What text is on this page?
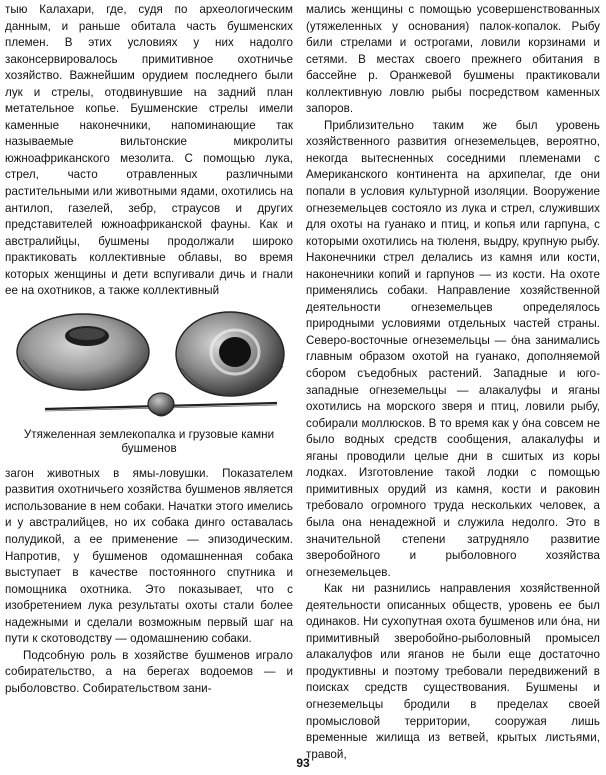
тыю Калахари, где, судя по археологическим данным, и раньше обитала часть бушменских племен. В этих условиях у них надолго законсервировалось примитивное охотничье хозяйство. Важнейшим орудием последнего были лук и стрелы, отодвинувшие на задний план метательное копье. Бушменские стрелы имели каменные наконечники, напоминающие так называемые вильтонские микролиты южноафриканского мезолита. С помощью лука, стрел, часто отравленных различными растительными или животными ядами, охотились на антилоп, газелей, зебр, страусов и других представителей южноафриканской фауны. Как и австралийцы, бушмены продолжали широко практиковать коллективные облавы, во время которых женщины и дети вспугивали дичь и гнали ее на охотников, а также коллективный

Утяжеленная землекопалка и грузовые камни бушменов

загон животных в ямы-ловушки. Показателем развития охотничьего хозяйства бушменов является использование в нем собаки. Начатки этого имелись и у австралийцев, но их собака динго оставалась полудикой, а ее применение — эпизодическим. Напротив, у бушменов одомашненная собака выступает в качестве постоянного спутника и помощника охотника. Это показывает, что с изобретением лука результаты охоты стали более надежными и сделали возможным первый шаг на пути к скотоводству — одомашнению собаки.

Подсобную роль в хозяйстве бушменов играло собирательство, а на берегах водоемов — и рыболовство. Собирательством зани-

мались женщины с помощью усовершенствованных (утяжеленных у основания) палок-копалок. Рыбу били стрелами и острогами, ловили корзинами и сетями. В местах своего прежнего обитания в бассейне р. Оранжевой бушмены практиковали коллективную ловлю рыбы посредством каменных запоров.

Приблизительно таким же был уровень хозяйственного развития огнеземельцев, вероятно, некогда вытесненных соседними племенами с Американского континента на архипелаг, где они попали в условия культурной изоляции. Вооружение огнеземельцев состояло из лука и стрел, служивших для охоты на гуанако и птиц, и копья или гарпуна, с которыми охотились на тюленя, выдру, крупную рыбу. Наконечники стрел делались из камня или кости, наконечники копий и гарпунов — из кости. На охоте применялись собаки. Направление хозяйственной деятельности огнеземельцев определялось природными условиями отдельных частей страны. Северо-восточные огнеземельцы — óна занимались главным образом охотой на гуанако, дополняемой сбором съедобных растений. Западные и юго-западные огнеземельцы — алакалуфы и яганы охотились на морского зверя и птиц, ловили рыбу, собирали моллюсков. В то время как у óна совсем не было водных средств сообщения, алакалуфы и яганы проводили целые дни в сшитых из коры лодках. Изготовление такой лодки с помощью примитивных орудий из камня, кости и раковин требовало огромного труда нескольких человек, а была она ненадежной и служила недолго. Это в значительной степени затрудняло развитие зверобойного и рыболовного хозяйства огнеземельцев.

Как ни разнились направления хозяйственной деятельности описанных обществ, уровень ее был одинаков. Ни сухопутная охота бушменов или óна, ни примитивный зверобойно-рыболовный промысел алакалуфов или яганов не были еще достаточно продуктивны и поэтому требовали передвижений в поисках средств существования. Бушмены и огнеземельцы бродили в пределах своей промысловой территории, сооружая лишь временные жилища из ветвей, крытых листьями, травой,

93
